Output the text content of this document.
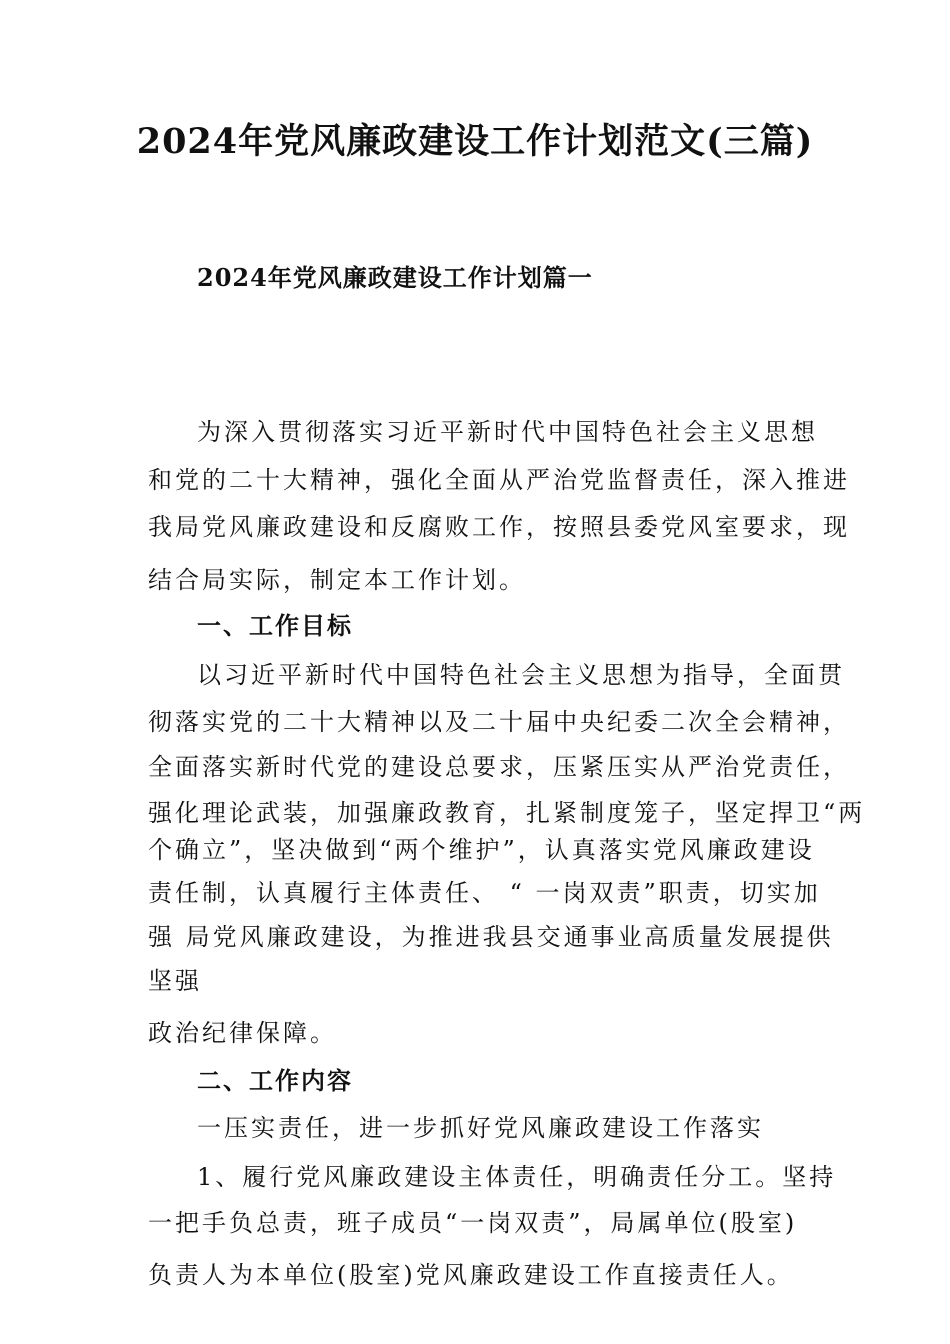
2024年党风廉政建设工作计划范文(三篇)
2024年党风廉政建设工作计划篇一
为深入贯彻落实习近平新时代中国特色社会主义思想
和党的二十大精神，强化全面从严治党监督责任，深入推进
我局党风廉政建设和反腐败工作，按照县委党风室要求，现
结合局实际，制定本工作计划。
一、工作目标
以习近平新时代中国特色社会主义思想为指导，全面贯
彻落实党的二十大精神以及二十届中央纪委二次全会精神，
全面落实新时代党的建设总要求，压紧压实从严治党责任，
强化理论武装，加强廉政教育，扎紧制度笼子，坚定捍卫“两
个确立”，坚决做到“两个维护”，认真落实党风廉政建设
责任制，认真履行主体责任、 “ 一岗双责”职责，切实加
强 局党风廉政建设，为推进我县交通事业高质量发展提供
坚强
政治纪律保障。
二、工作内容
一压实责任，进一步抓好党风廉政建设工作落实
1、履行党风廉政建设主体责任，明确责任分工。坚持
一把手负总责，班子成员“一岗双责”，局属单位(股室)
负责人为本单位(股室)党风廉政建设工作直接责任人。
